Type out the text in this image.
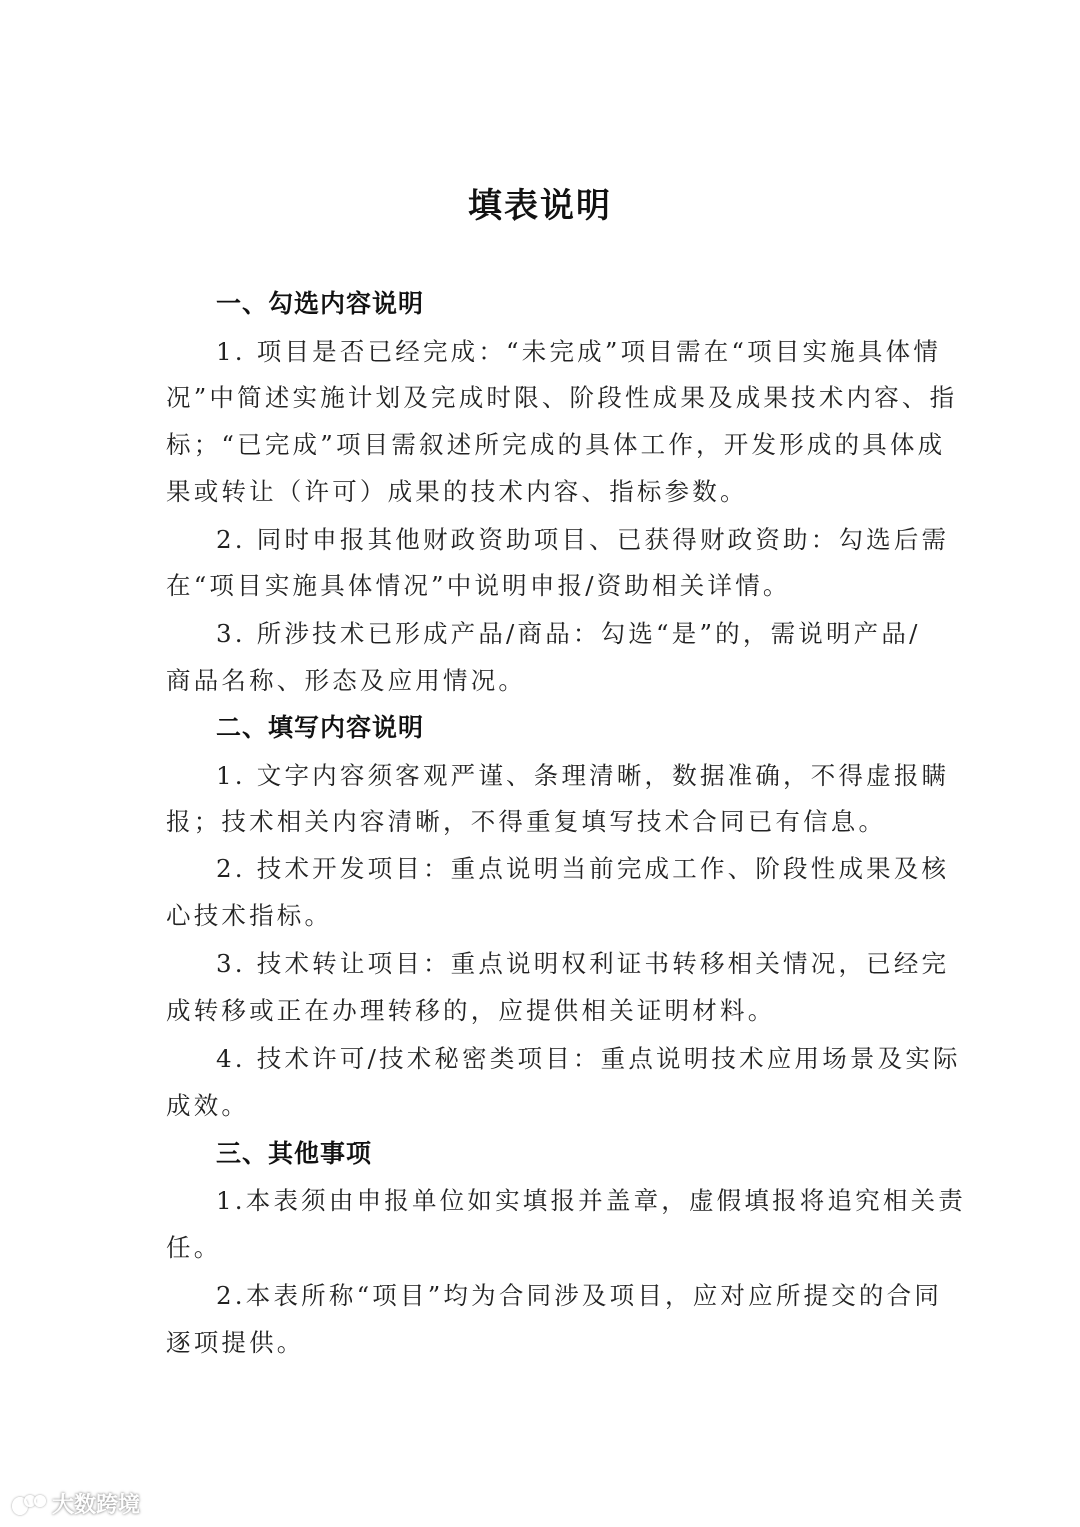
填表说明
一、勾选内容说明
1. 项目是否已经完成：“未完成”项目需在“项目实施具体情
况”中简述实施计划及完成时限、阶段性成果及成果技术内容、指
标；“已完成”项目需叙述所完成的具体工作，开发形成的具体成
果或转让（许可）成果的技术内容、指标参数。
2. 同时申报其他财政资助项目、已获得财政资助：勾选后需
在“项目实施具体情况”中说明申报/资助相关详情。
3. 所涉技术已形成产品/商品：勾选“是”的，需说明产品/
商品名称、形态及应用情况。
二、填写内容说明
1. 文字内容须客观严谨、条理清晰，数据准确，不得虚报瞒
报；技术相关内容清晰，不得重复填写技术合同已有信息。
2. 技术开发项目：重点说明当前完成工作、阶段性成果及核
心技术指标。
3. 技术转让项目：重点说明权利证书转移相关情况，已经完
成转移或正在办理转移的，应提供相关证明材料。
4. 技术许可/技术秘密类项目：重点说明技术应用场景及实际
成效。
三、其他事项
1.本表须由申报单位如实填报并盖章，虚假填报将追究相关责
任。
2.本表所称“项目”均为合同涉及项目，应对应所提交的合同
逐项提供。
大数跨境
